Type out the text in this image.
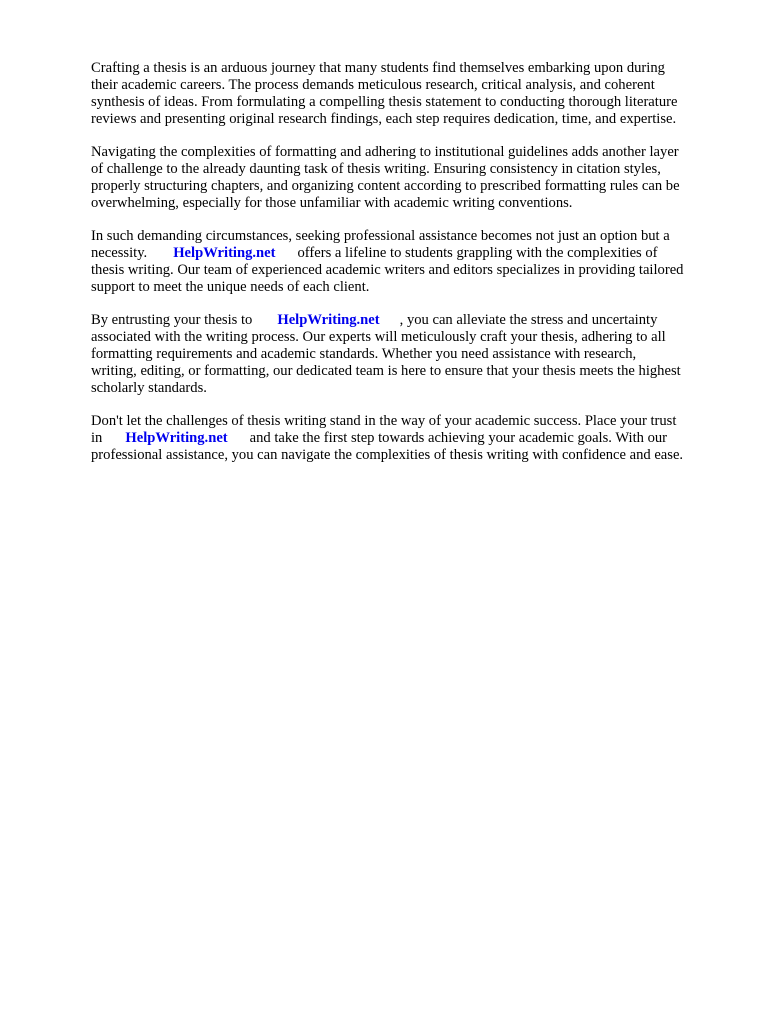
Crafting a thesis is an arduous journey that many students find themselves embarking upon during
their academic careers. The process demands meticulous research, critical analysis, and coherent
synthesis of ideas. From formulating a compelling thesis statement to conducting thorough literature
reviews and presenting original research findings, each step requires dedication, time, and expertise.

Navigating the complexities of formatting and adhering to institutional guidelines adds another layer
of challenge to the already daunting task of thesis writing. Ensuring consistency in citation styles,
properly structuring chapters, and organizing content according to prescribed formatting rules can be
overwhelming, especially for those unfamiliar with academic writing conventions.

In such demanding circumstances, seeking professional assistance becomes not just an option but a
necessity. HelpWriting.net offers a lifeline to students grappling with the complexities of
thesis writing. Our team of experienced academic writers and editors specializes in providing tailored
support to meet the unique needs of each client.

By entrusting your thesis to HelpWriting.net , you can alleviate the stress and uncertainty
associated with the writing process. Our experts will meticulously craft your thesis, adhering to all
formatting requirements and academic standards. Whether you need assistance with research,
writing, editing, or formatting, our dedicated team is here to ensure that your thesis meets the highest
scholarly standards.

Don't let the challenges of thesis writing stand in the way of your academic success. Place your trust
in HelpWriting.net and take the first step towards achieving your academic goals. With our
professional assistance, you can navigate the complexities of thesis writing with confidence and ease.
